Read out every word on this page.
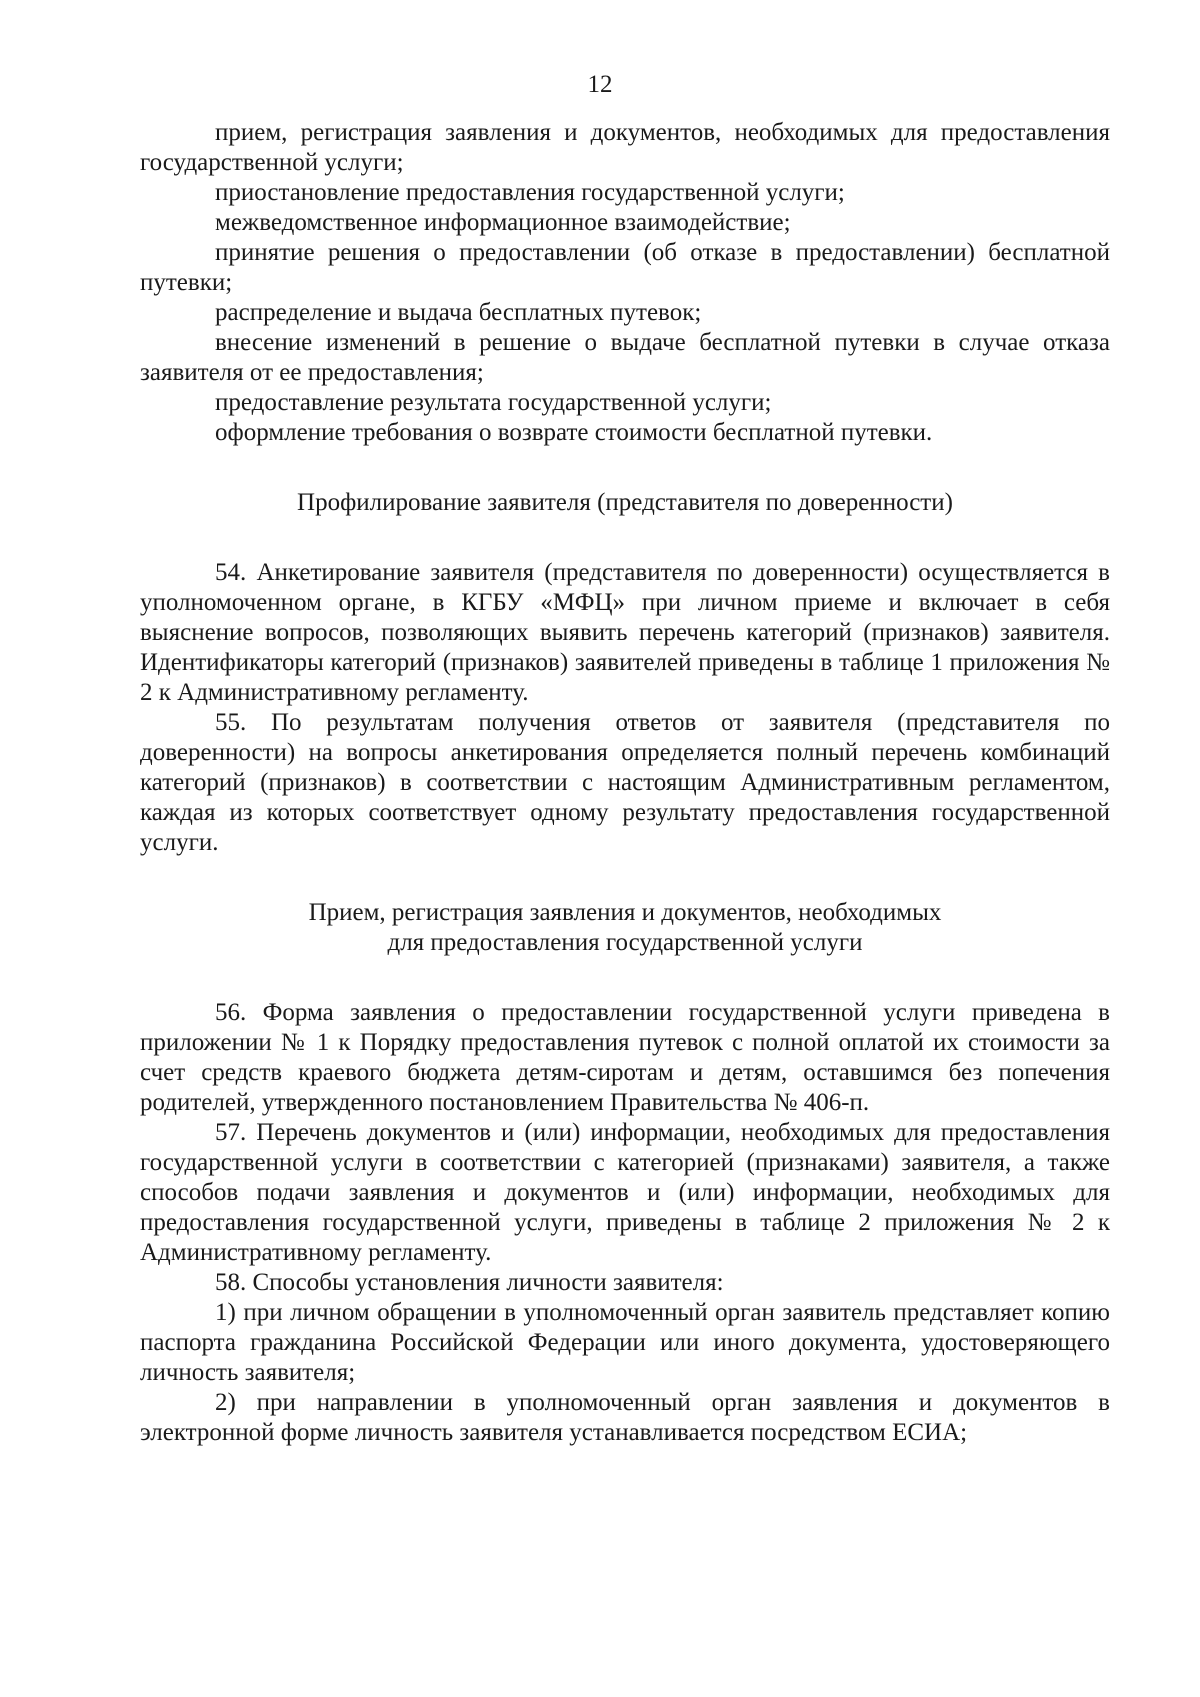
12

прием, регистрация заявления и документов, необходимых для предоставления государственной услуги;

приостановление предоставления государственной услуги;

межведомственное информационное взаимодействие;

принятие решения о предоставлении (об отказе в предоставлении) бесплатной путевки;

распределение и выдача бесплатных путевок;

внесение изменений в решение о выдаче бесплатной путевки в случае отказа заявителя от ее предоставления;

предоставление результата государственной услуги;

оформление требования о возврате стоимости бесплатной путевки.

Профилирование заявителя (представителя по доверенности)

54. Анкетирование заявителя (представителя по доверенности) осуществляется в уполномоченном органе, в КГБУ «МФЦ» при личном приеме и включает в себя выяснение вопросов, позволяющих выявить перечень категорий (признаков) заявителя. Идентификаторы категорий (признаков) заявителей приведены в таблице 1 приложения № 2 к Административному регламенту.

55. По результатам получения ответов от заявителя (представителя по доверенности) на вопросы анкетирования определяется полный перечень комбинаций категорий (признаков) в соответствии с настоящим Административным регламентом, каждая из которых соответствует одному результату предоставления государственной услуги.

Прием, регистрация заявления и документов, необходимых

для предоставления государственной услуги

56. Форма заявления о предоставлении государственной услуги приведена в приложении № 1 к Порядку предоставления путевок с полной оплатой их стоимости за счет средств краевого бюджета детям-сиротам и детям, оставшимся без попечения родителей, утвержденного постановлением Правительства № 406-п.

57. Перечень документов и (или) информации, необходимых для предоставления государственной услуги в соответствии с категорией (признаками) заявителя, а также способов подачи заявления и документов и (или) информации, необходимых для предоставления государственной услуги, приведены в таблице 2 приложения № 2 к Административному регламенту.

58. Способы установления личности заявителя:

1) при личном обращении в уполномоченный орган заявитель представляет копию паспорта гражданина Российской Федерации или иного документа, удостоверяющего личность заявителя;

2) при направлении в уполномоченный орган заявления и документов в электронной форме личность заявителя устанавливается посредством ЕСИА;
